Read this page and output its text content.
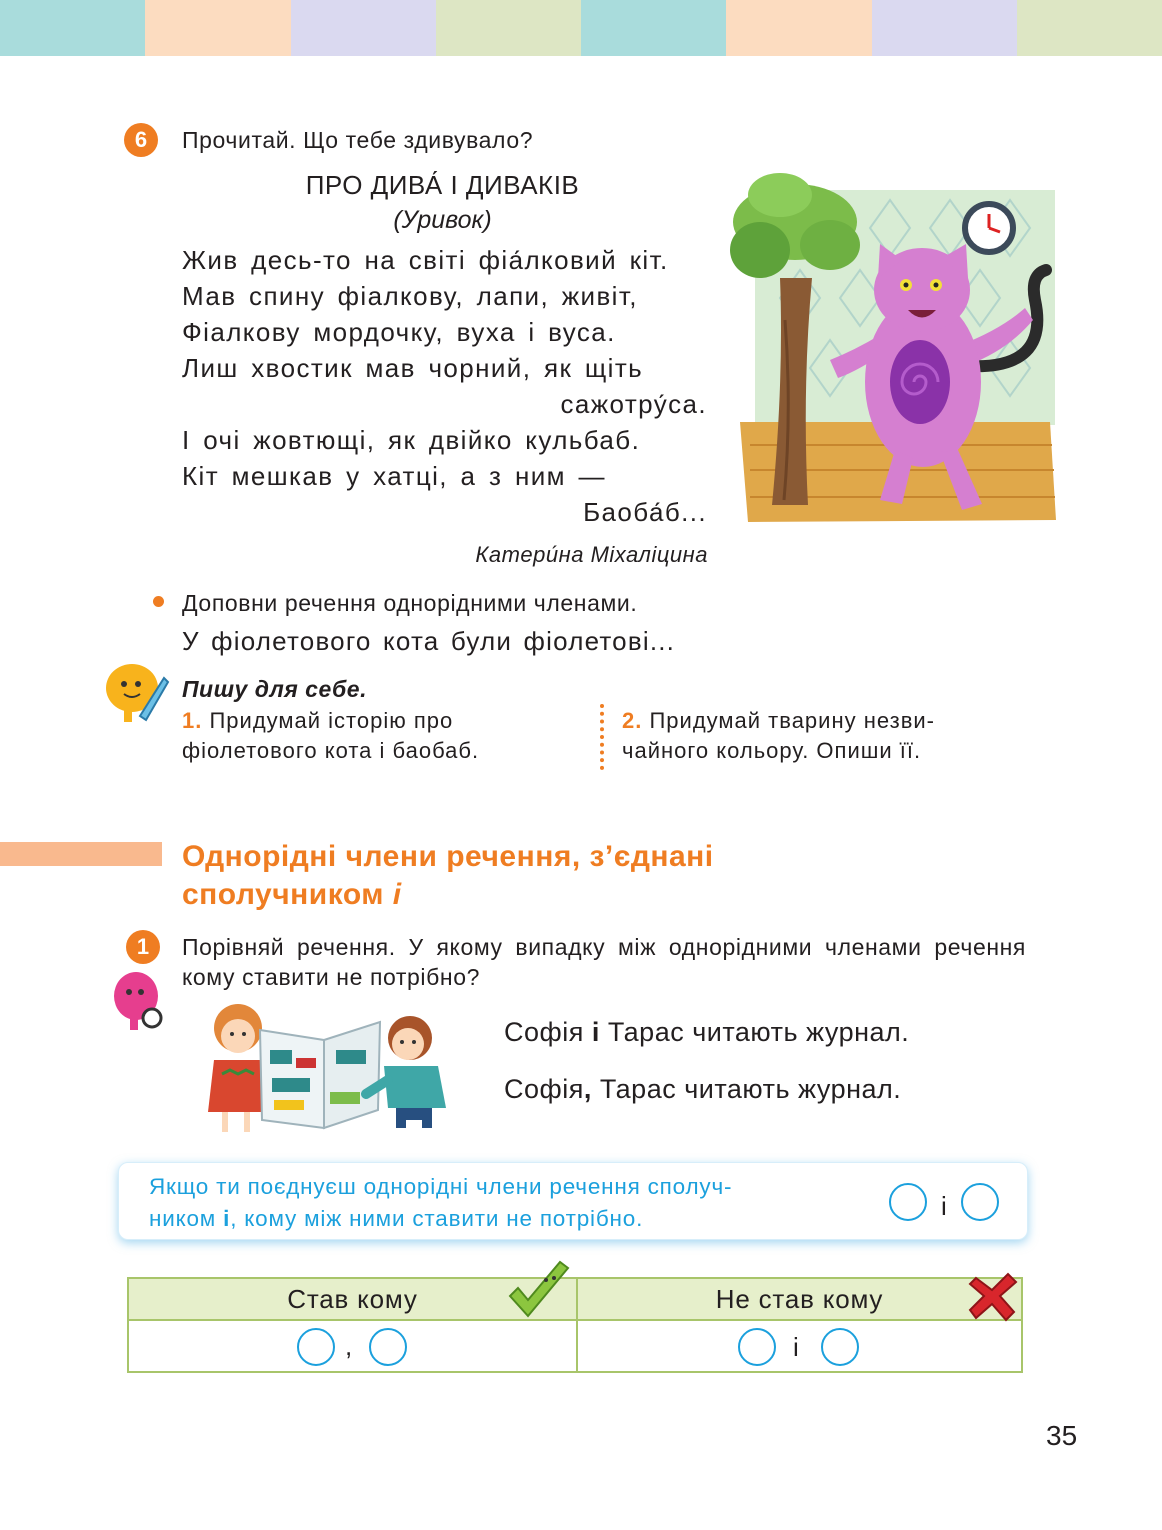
6	Прочитай. Що тебе здивувало?
ПРО ДИВА́ І ДИВАКІВ
(Уривок)
Жив десь-то на світі фіа́лковий кіт.
Мав спину фіалкову, лапи, живіт,
Фіалкову мордочку, вуха і вуса.
Лиш хвостик мав чорний, як щіть
сажотру́са.
І очі жовтющі, як двійко кульбаб.
Кіт мешкав у хатці, а з ним —
Баоба́б...
Катери́на Міхаліцина
Доповни речення однорідними членами.
У фіолетового кота були фіолетові...
Пишу для себе.
1. Придумай історію про
фіолетового кота і баобаб.
2. Придумай тварину незви-
чайного кольору. Опиши її.
Однорідні члени речення, з’єднані
сполучником і
1	Порівняй речення. У якому випадку між однорідними членами речення кому ставити не потрібно?
Софія і Тарас читають журнал.
Софія, Тарас читають журнал.
Якщо ти поєднуєш однорідні члени речення сполуч-
ником і, кому між ними ставити не потрібно.	і
Став кому	Не став кому
,	і
35
